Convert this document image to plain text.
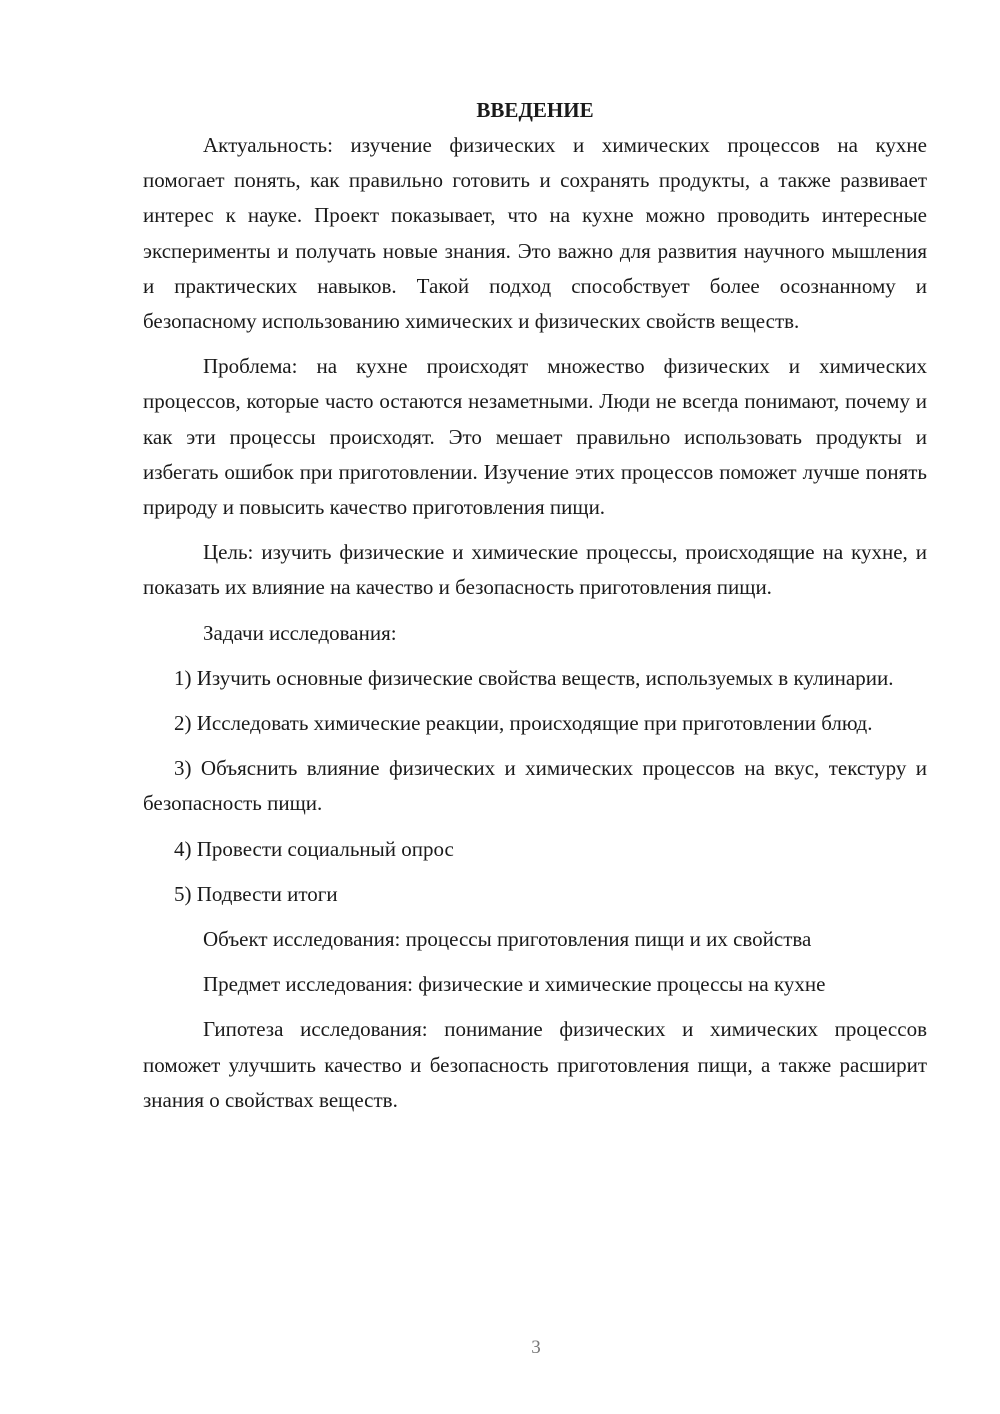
ВВЕДЕНИЕ

Актуальность: изучение физических и химических процессов на кухне помогает понять, как правильно готовить и сохранять продукты, а также развивает интерес к науке. Проект показывает, что на кухне можно проводить интересные эксперименты и получать новые знания. Это важно для развития научного мышления и практических навыков. Такой подход способствует более осознанному и безопасному использованию химических и физических свойств веществ.

Проблема: на кухне происходят множество физических и химических процессов, которые часто остаются незаметными. Люди не всегда понимают, почему и как эти процессы происходят. Это мешает правильно использовать продукты и избегать ошибок при приготовлении. Изучение этих процессов поможет лучше понять природу и повысить качество приготовления пищи.

Цель: изучить физические и химические процессы, происходящие на кухне, и показать их влияние на качество и безопасность приготовления пищи.

Задачи исследования:

1) Изучить основные физические свойства веществ, используемых в кулинарии.

2) Исследовать химические реакции, происходящие при приготовлении блюд.

3) Объяснить влияние физических и химических процессов на вкус, текстуру и безопасность пищи.

4) Провести социальный опрос

5) Подвести итоги

Объект исследования: процессы приготовления пищи и их свойства

Предмет исследования: физические и химические процессы на кухне

Гипотеза исследования: понимание физических и химических процессов поможет улучшить качество и безопасность приготовления пищи, а также расширит знания о свойствах веществ.

3
